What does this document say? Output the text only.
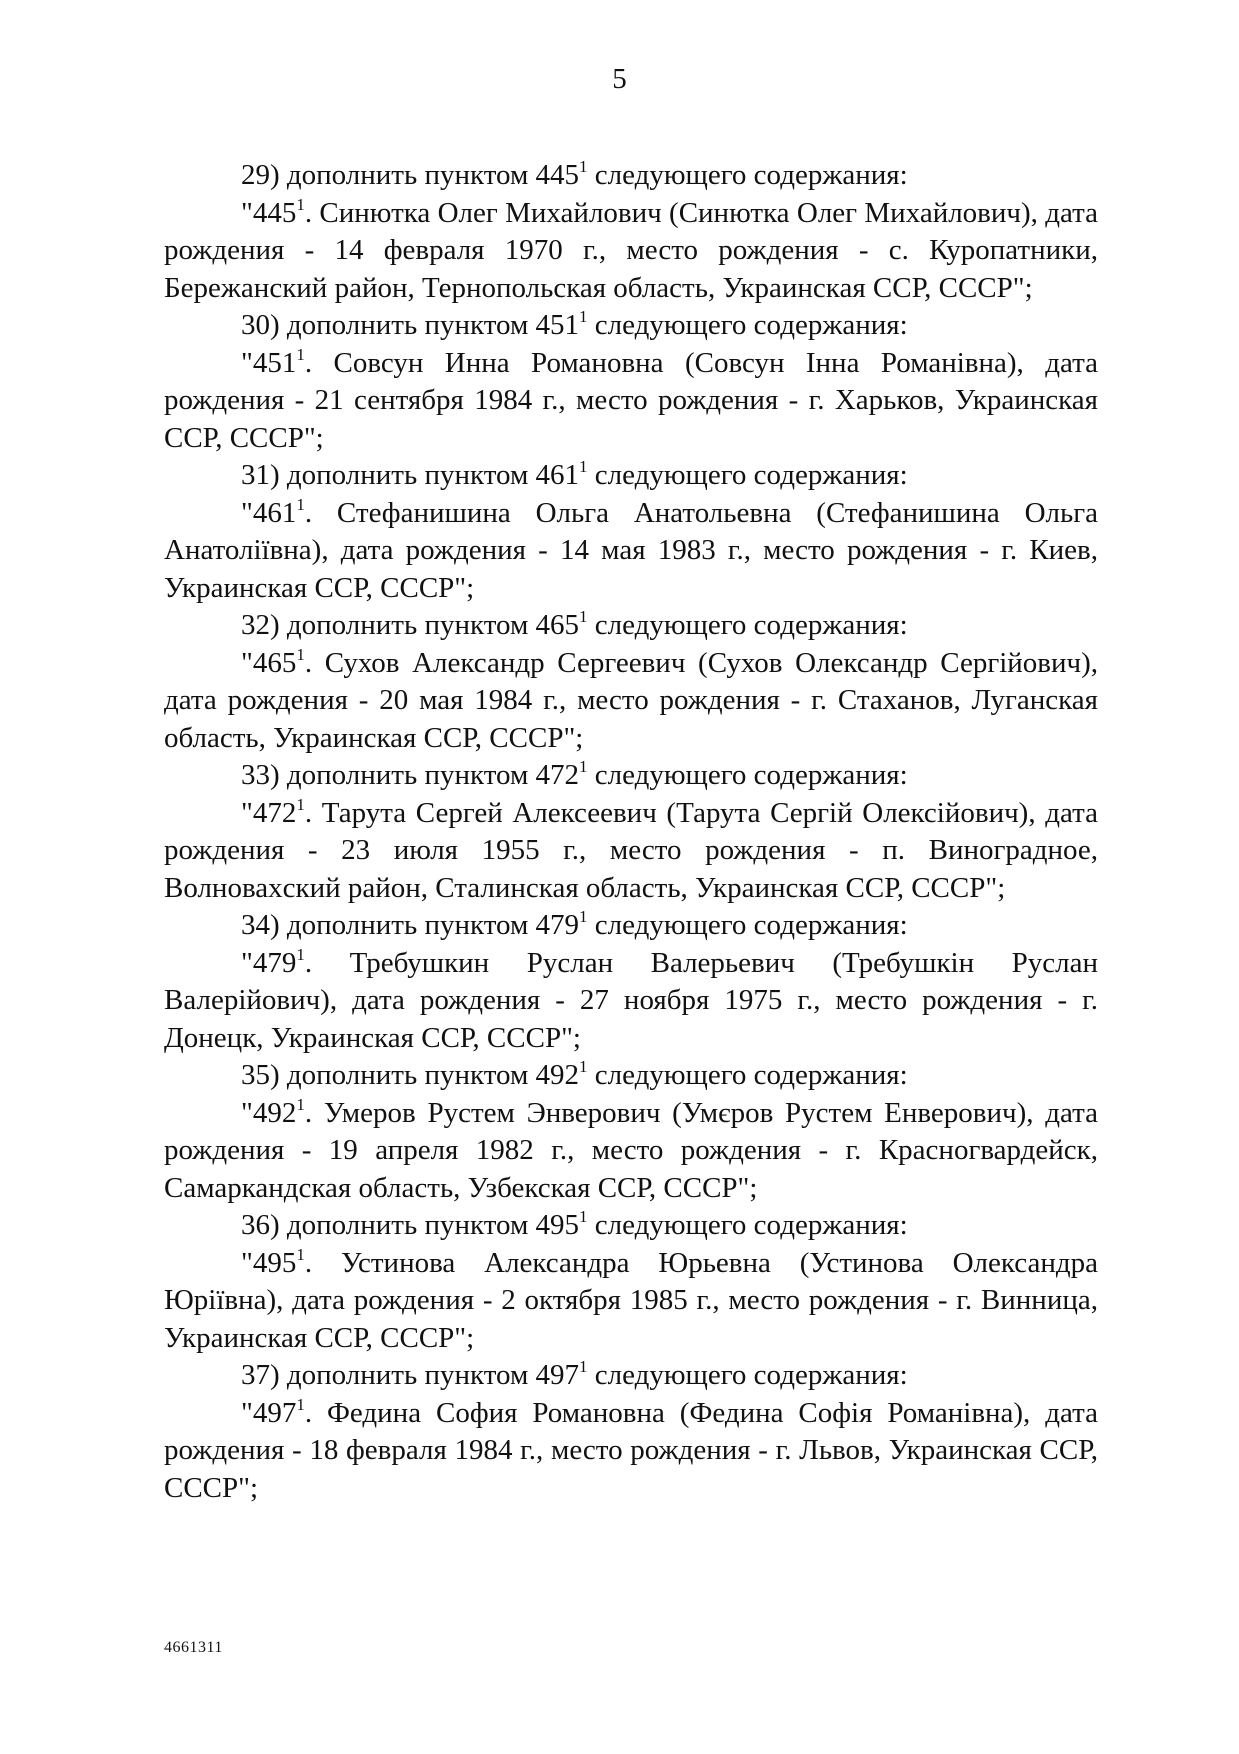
5

29) дополнить пунктом $445^1$ следующего содержания:

"$445^1$. Синютка Олег Михайлович (Синютка Олег Михайлович), дата рождения - 14 февраля 1970 г., место рождения - с. Куропатники, Бережанский район, Тернопольская область, Украинская ССР, СССР";

30) дополнить пунктом $451^1$ следующего содержания:

"$451^1$. Совсун Инна Романовна (Совсун Інна Романівна), дата рождения - 21 сентября 1984 г., место рождения - г. Харьков, Украинская ССР, СССР";

31) дополнить пунктом $461^1$ следующего содержания:

"$461^1$. Стефанишина Ольга Анатольевна (Стефанишина Ольга Анатоліївна), дата рождения - 14 мая 1983 г., место рождения - г. Киев, Украинская ССР, СССР";

32) дополнить пунктом $465^1$ следующего содержания:

"$465^1$. Сухов Александр Сергеевич (Сухов Олександр Сергійович), дата рождения - 20 мая 1984 г., место рождения - г. Стаханов, Луганская область, Украинская ССР, СССР";

33) дополнить пунктом $472^1$ следующего содержания:

"$472^1$. Тарута Сергей Алексеевич (Тарута Сергій Олексійович), дата рождения - 23 июля 1955 г., место рождения - п. Виноградное, Волноваxский район, Сталинская область, Украинская ССР, СССР";

34) дополнить пунктом $479^1$ следующего содержания:

"$479^1$. Требушкин Руслан Валерьевич (Требушкін Руслан Валерійович), дата рождения - 27 ноября 1975 г., место рождения - г. Донецк, Украинская ССР, СССР";

35) дополнить пунктом $492^1$ следующего содержания:

"$492^1$. Умеров Рустем Энверович (Умєров Рустем Енверович), дата рождения - 19 апреля 1982 г., место рождения - г. Красногвардейск, Самаркандская область, Узбекская ССР, СССР";

36) дополнить пунктом $495^1$ следующего содержания:

"$495^1$. Устинова Александра Юрьевна (Устинова Олександра Юріївна), дата рождения - 2 октября 1985 г., место рождения - г. Винница, Украинская ССР, СССР";

37) дополнить пунктом $497^1$ следующего содержания:

"$497^1$. Федина София Романовна (Федина Софія Романівна), дата рождения - 18 февраля 1984 г., место рождения - г. Львов, Украинская ССР, СССР";

4661311
